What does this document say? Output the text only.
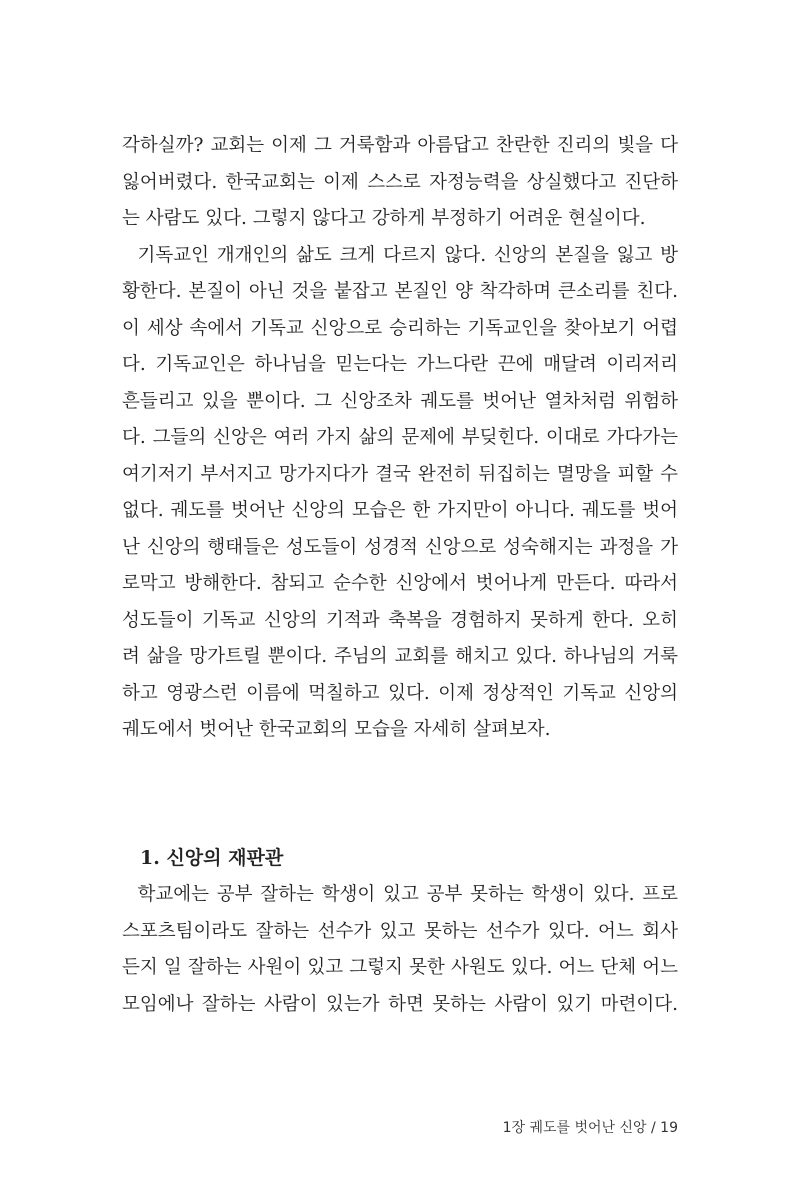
각하실까? 교회는 이제 그 거룩함과 아름답고 찬란한 진리의 빛을 다
잃어버렸다. 한국교회는 이제 스스로 자정능력을 상실했다고 진단하
는 사람도 있다. 그렇지 않다고 강하게 부정하기 어려운 현실이다.
기독교인 개개인의 삶도 크게 다르지 않다. 신앙의 본질을 잃고 방
황한다. 본질이 아닌 것을 붙잡고 본질인 양 착각하며 큰소리를 친다.
이 세상 속에서 기독교 신앙으로 승리하는 기독교인을 찾아보기 어렵
다. 기독교인은 하나님을 믿는다는 가느다란 끈에 매달려 이리저리
흔들리고 있을 뿐이다. 그 신앙조차 궤도를 벗어난 열차처럼 위험하
다. 그들의 신앙은 여러 가지 삶의 문제에 부딪힌다. 이대로 가다가는
여기저기 부서지고 망가지다가 결국 완전히 뒤집히는 멸망을 피할 수
없다. 궤도를 벗어난 신앙의 모습은 한 가지만이 아니다. 궤도를 벗어
난 신앙의 행태들은 성도들이 성경적 신앙으로 성숙해지는 과정을 가
로막고 방해한다. 참되고 순수한 신앙에서 벗어나게 만든다. 따라서
성도들이 기독교 신앙의 기적과 축복을 경험하지 못하게 한다. 오히
려 삶을 망가트릴 뿐이다. 주님의 교회를 해치고 있다. 하나님의 거룩
하고 영광스런 이름에 먹칠하고 있다. 이제 정상적인 기독교 신앙의
궤도에서 벗어난 한국교회의 모습을 자세히 살펴보자.
1. 신앙의 재판관
학교에는 공부 잘하는 학생이 있고 공부 못하는 학생이 있다. 프로
스포츠팀이라도 잘하는 선수가 있고 못하는 선수가 있다. 어느 회사
든지 일 잘하는 사원이 있고 그렇지 못한 사원도 있다. 어느 단체 어느
모임에나 잘하는 사람이 있는가 하면 못하는 사람이 있기 마련이다.
1장 궤도를 벗어난 신앙 / 19
